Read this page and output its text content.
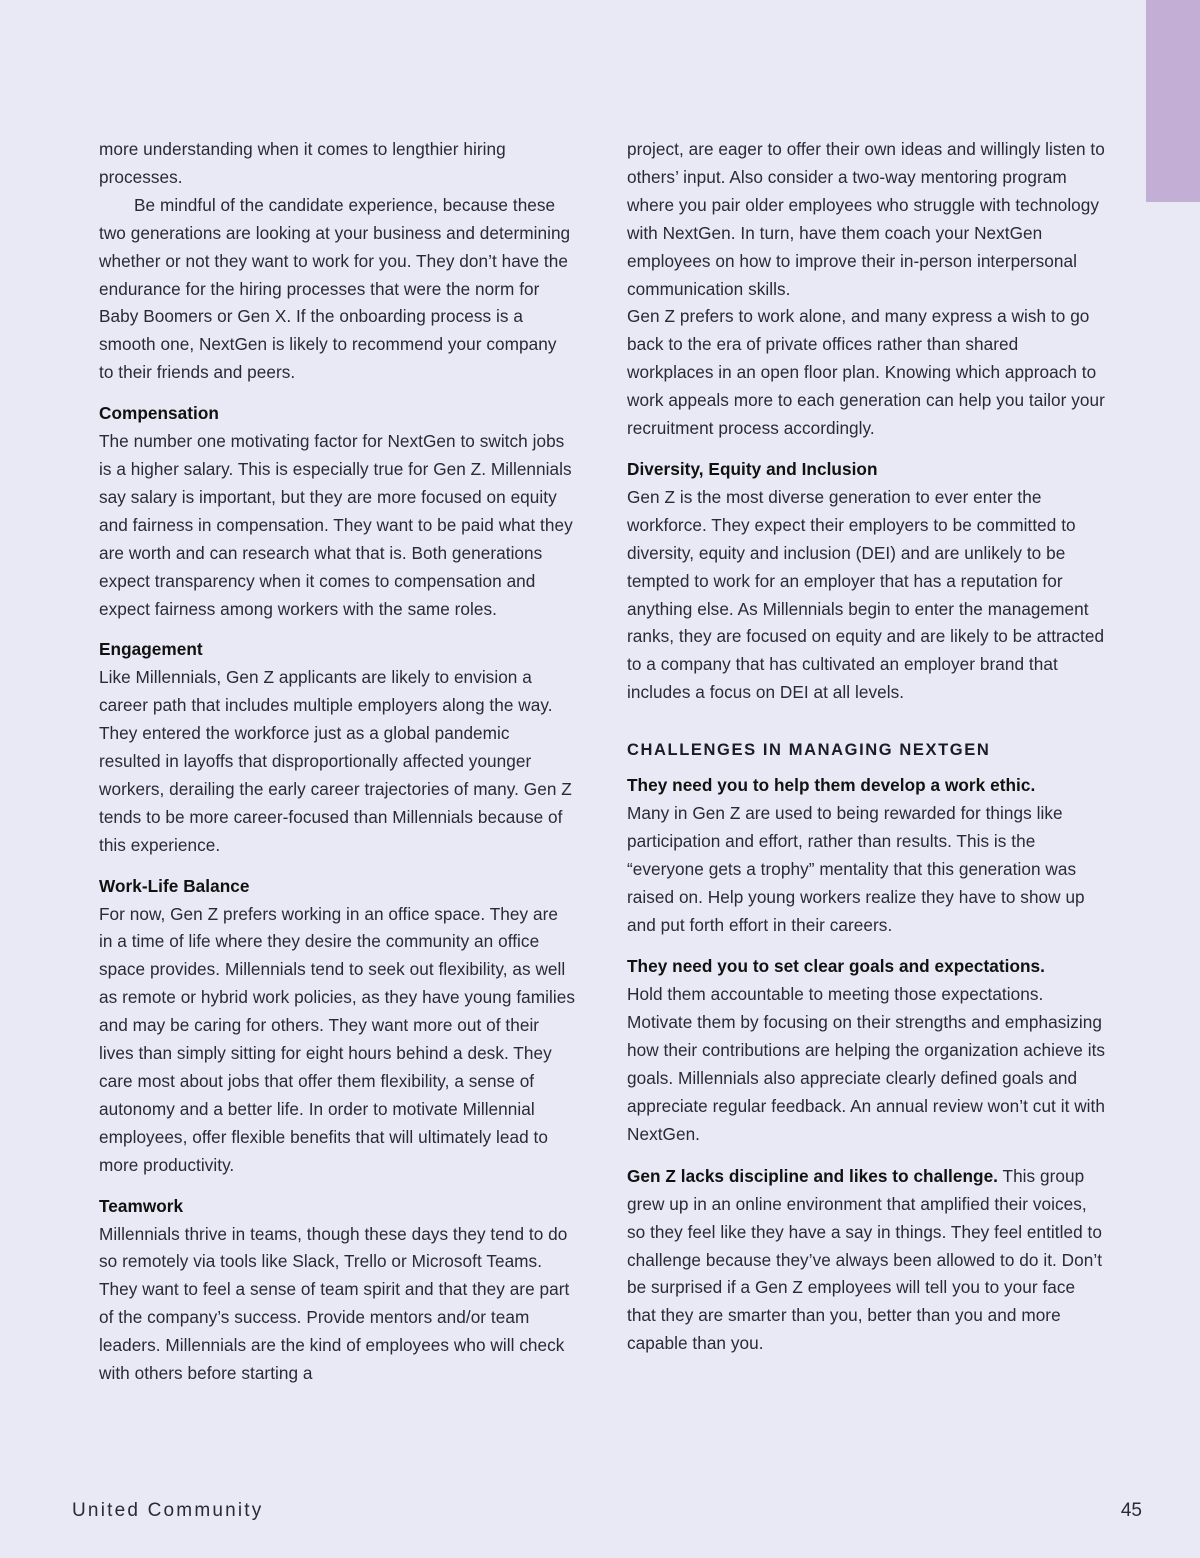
more understanding when it comes to lengthier hiring processes.

Be mindful of the candidate experience, because these two generations are looking at your business and determining whether or not they want to work for you. They don’t have the endurance for the hiring processes that were the norm for Baby Boomers or Gen X. If the onboarding process is a smooth one, NextGen is likely to recommend your company to their friends and peers.

Compensation

The number one motivating factor for NextGen to switch jobs is a higher salary. This is especially true for Gen Z. Millennials say salary is important, but they are more focused on equity and fairness in compensation. They want to be paid what they are worth and can research what that is. Both generations expect transparency when it comes to compensation and expect fairness among workers with the same roles.

Engagement

Like Millennials, Gen Z applicants are likely to envision a career path that includes multiple employers along the way. They entered the workforce just as a global pandemic resulted in layoffs that disproportionally affected younger workers, derailing the early career trajectories of many. Gen Z tends to be more career-focused than Millennials because of this experience.

Work-Life Balance

For now, Gen Z prefers working in an office space. They are in a time of life where they desire the community an office space provides. Millennials tend to seek out flexibility, as well as remote or hybrid work policies, as they have young families and may be caring for others. They want more out of their lives than simply sitting for eight hours behind a desk. They care most about jobs that offer them flexibility, a sense of autonomy and a better life. In order to motivate Millennial employees, offer flexible benefits that will ultimately lead to more productivity.

Teamwork

Millennials thrive in teams, though these days they tend to do so remotely via tools like Slack, Trello or Microsoft Teams. They want to feel a sense of team spirit and that they are part of the company’s success. Provide mentors and/or team leaders. Millennials are the kind of employees who will check with others before starting a

project, are eager to offer their own ideas and willingly listen to others’ input. Also consider a two-way mentoring program where you pair older employees who struggle with technology with NextGen. In turn, have them coach your NextGen employees on how to improve their in-person interpersonal communication skills.

Gen Z prefers to work alone, and many express a wish to go back to the era of private offices rather than shared workplaces in an open floor plan. Knowing which approach to work appeals more to each generation can help you tailor your recruitment process accordingly.

Diversity, Equity and Inclusion

Gen Z is the most diverse generation to ever enter the workforce. They expect their employers to be committed to diversity, equity and inclusion (DEI) and are unlikely to be tempted to work for an employer that has a reputation for anything else. As Millennials begin to enter the management ranks, they are focused on equity and are likely to be attracted to a company that has cultivated an employer brand that includes a focus on DEI at all levels.

CHALLENGES IN MANAGING NEXTGEN

They need you to help them develop a work ethic.

Many in Gen Z are used to being rewarded for things like participation and effort, rather than results. This is the “everyone gets a trophy” mentality that this generation was raised on. Help young workers realize they have to show up and put forth effort in their careers.

They need you to set clear goals and expectations.

Hold them accountable to meeting those expectations. Motivate them by focusing on their strengths and emphasizing how their contributions are helping the organization achieve its goals. Millennials also appreciate clearly defined goals and appreciate regular feedback. An annual review won’t cut it with NextGen.

Gen Z lacks discipline and likes to challenge. This group grew up in an online environment that amplified their voices, so they feel like they have a say in things. They feel entitled to challenge because they’ve always been allowed to do it. Don’t be surprised if a Gen Z employees will tell you to your face that they are smarter than you, better than you and more capable than you.

United Community	45
